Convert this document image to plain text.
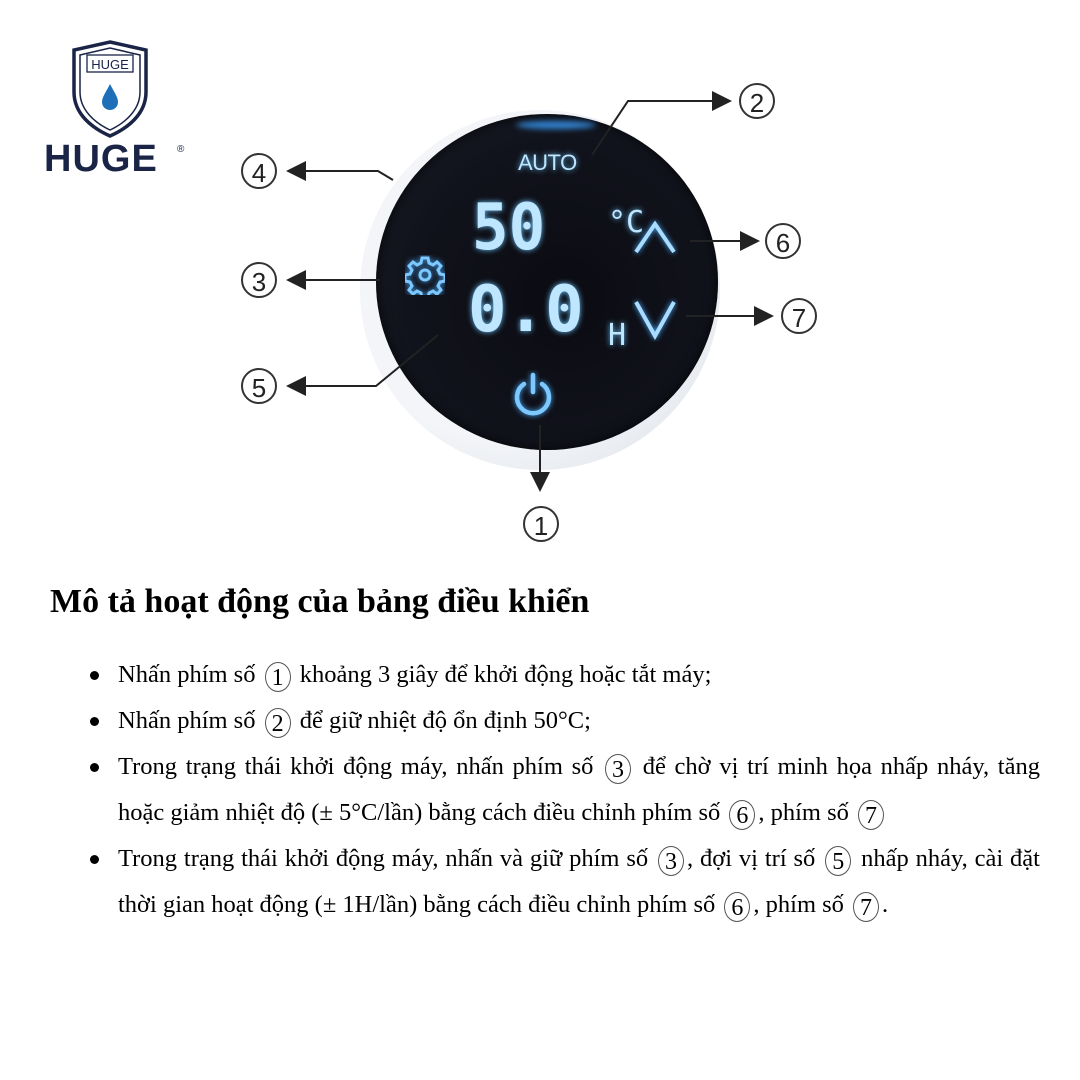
HUGE
HUGE ®
AUTO
50 °C
0.0 H
2
4
3
5
1
6
7
Mô tả hoạt động của bảng điều khiển
Nhấn phím số 1 khoảng 3 giây để khởi động hoặc tắt máy;
Nhấn phím số 2 để giữ nhiệt độ ổn định 50°C;
Trong trạng thái khởi động máy, nhấn phím số 3 để chờ vị trí minh họa nhấp nháy, tăng hoặc giảm nhiệt độ (± 5°C/lần) bằng cách điều chỉnh phím số 6 , phím số 7
Trong trạng thái khởi động máy, nhấn và giữ phím số 3 , đợi vị trí số 5 nhấp nháy, cài đặt thời gian hoạt động (± 1H/lần) bằng cách điều chỉnh phím số 6 , phím số 7 .
